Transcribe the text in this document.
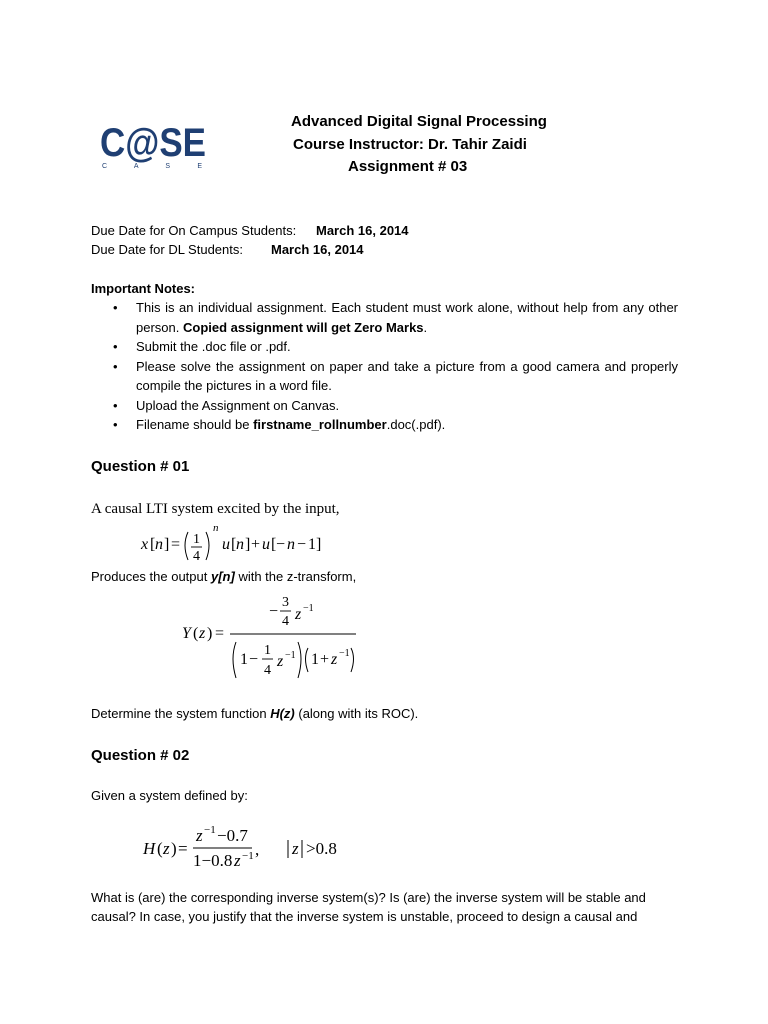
C@SE
C A S E
Advanced Digital Signal Processing
Course Instructor: Dr. Tahir Zaidi
Assignment # 03
Due Date for On Campus Students: March 16, 2014
Due Date for DL Students: March 16, 2014
Important Notes:
• This is an individual assignment. Each student must work alone, without help from any other person. Copied assignment will get Zero Marks.
• Submit the .doc file or .pdf.
• Please solve the assignment on paper and take a picture from a good camera and properly compile the pictures in a word file.
• Upload the Assignment on Canvas.
• Filename should be firstname_rollnumber.doc(.pdf).
Question # 01
A causal LTI system excited by the input,
x [ n ] = 1
4
n
u [ n ] + u [ − n − 1 ]
Produces the output y[n] with the z-transform,
Y ( z ) =
−
3
4 z −1
1 −
1
4
z −1 1 + z −1
Determine the system function H(z) (along with its ROC).
Question # 02
Given a system defined by:
H ( z ) =
z −1 −0.7
1−0.8 z −1 , z >0.8
What is (are) the corresponding inverse system(s)? Is (are) the inverse system will be stable and
causal? In case, you justify that the inverse system is unstable, proceed to design a causal and
